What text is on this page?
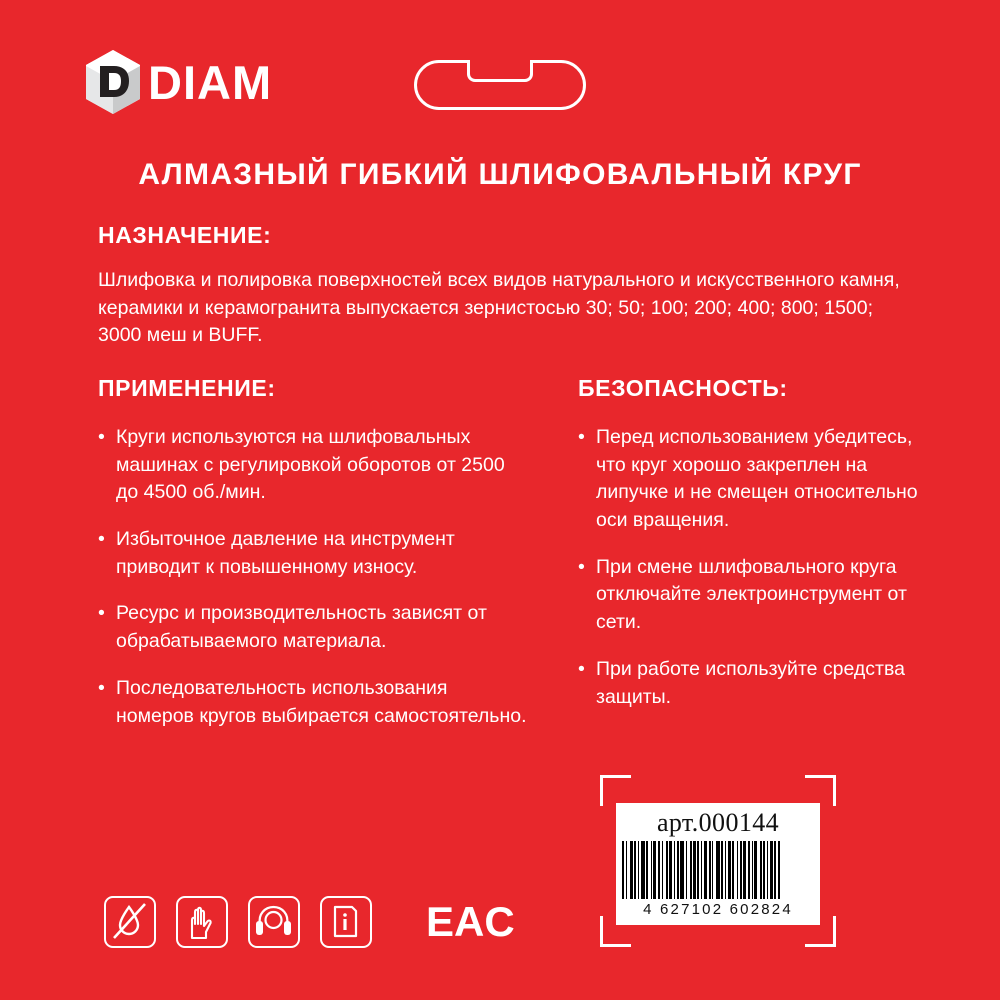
DIAM
АЛМАЗНЫЙ ГИБКИЙ ШЛИФОВАЛЬНЫЙ КРУГ
НАЗНАЧЕНИЕ:
Шлифовка и полировка поверхностей всех видов натурального и искусственного камня, керамики и керамогранита выпускается зернистосью 30; 50; 100; 200; 400; 800; 1500; 3000 меш и BUFF.
ПРИМЕНЕНИЕ:
• Круги используются на шлифовальных машинах с регулировкой оборотов от 2500 до 4500 об./мин.
• Избыточное давление на инструмент приводит к повышенному износу.
• Ресурс и производительность зависят от обрабатываемого материала.
• Последовательность использования номеров кругов выбирается самостоятельно.
БЕЗОПАСНОСТЬ:
• Перед использованием убедитесь, что круг хорошо закреплен на липучке и не смещен относительно оси вращения.
• При смене шлифовального круга отключайте электроинструмент от сети.
• При работе используйте средства защиты.
ЕАC
арт.000144
4 627102 602824
